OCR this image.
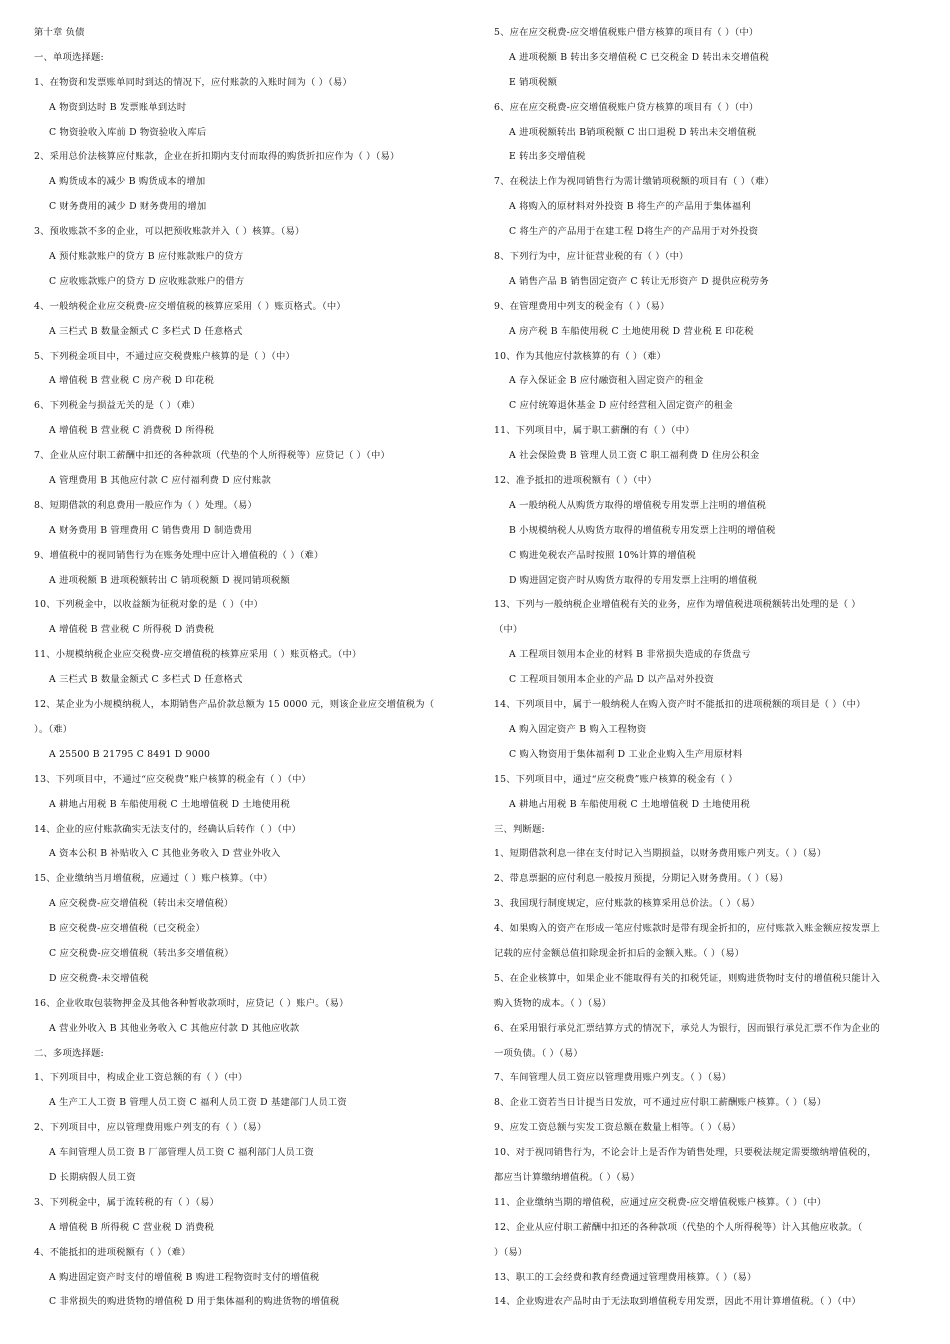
第十章 负债
一、单项选择题:
1、在物资和发票账单同时到达的情况下，应付账款的入账时间为（ ）（易）
A 物资到达时 B 发票账单到达时
C 物资验收入库前 D 物资验收入库后
2、采用总价法核算应付账款，企业在折扣期内支付而取得的购货折扣应作为（ ）（易）
A 购货成本的减少 B 购货成本的增加
C 财务费用的减少 D 财务费用的增加
3、预收账款不多的企业，可以把预收账款并入（ ）核算。（易）
A 预付账款账户的贷方 B 应付账款账户的贷方
C 应收账款账户的贷方 D 应收账款账户的借方
4、一般纳税企业应交税费-应交增值税的核算应采用（ ）账页格式。（中）
A 三栏式 B 数量金额式 C 多栏式 D 任意格式
5、下列税金项目中，不通过应交税费账户核算的是（ ）（中）
A 增值税 B 营业税 C 房产税 D 印花税
6、下列税金与损益无关的是（ ）（难）
A 增值税 B 营业税 C 消费税 D 所得税
7、企业从应付职工薪酬中扣还的各种款项（代垫的个人所得税等）应贷记（ ）（中）
A 管理费用 B 其他应付款 C 应付福利费 D 应付账款
8、短期借款的利息费用一般应作为（ ）处理。（易）
A 财务费用 B 管理费用 C 销售费用 D 制造费用
9、增值税中的视同销售行为在账务处理中应计入增值税的（ ）（难）
A 进项税额 B 进项税额转出 C 销项税额 D 视同销项税额
10、下列税金中，以收益额为征税对象的是（ ）（中）
A 增值税 B 营业税 C 所得税 D 消费税
11、小规模纳税企业应交税费-应交增值税的核算应采用（ ）账页格式。（中）
A 三栏式 B 数量金额式 C 多栏式 D 任意格式
12、某企业为小规模纳税人，本期销售产品价款总额为 15 0000 元，则该企业应交增值税为（
）。（难）
A 25500 B 21795 C 8491 D 9000
13、下列项目中，不通过“应交税费”账户核算的税金有（ ）（中）
A 耕地占用税 B 车船使用税 C 土地增值税 D 土地使用税
14、企业的应付账款确实无法支付的，经确认后转作（ ）（中）
A 资本公积 B 补贴收入 C 其他业务收入 D 营业外收入
15、企业缴纳当月增值税，应通过（ ）账户核算。（中）
A 应交税费-应交增值税（转出未交增值税）
B 应交税费-应交增值税（已交税金）
C 应交税费-应交增值税（转出多交增值税）
D 应交税费-未交增值税
16、企业收取包装物押金及其他各种暂收款项时，应贷记（ ）账户。（易）
A 营业外收入 B 其他业务收入 C 其他应付款 D 其他应收款
二、多项选择题:
1、下列项目中，构成企业工资总额的有（ ）（中）
A 生产工人工资 B 管理人员工资 C 福利人员工资 D 基建部门人员工资
2、下列项目中，应以管理费用账户列支的有（ ）（易）
A 车间管理人员工资 B 厂部管理人员工资 C 福利部门人员工资
D 长期病假人员工资
3、下列税金中，属于流转税的有（ ）（易）
A 增值税 B 所得税 C 营业税 D 消费税
4、不能抵扣的进项税额有（ ）（难）
A 购进固定资产时支付的增值税 B 购进工程物资时支付的增值税
C 非常损失的购进货物的增值税 D 用于集体福利的购进货物的增值税
5、应在应交税费-应交增值税账户借方核算的项目有（ ）（中）
A 进项税额 B 转出多交增值税 C 已交税金 D 转出未交增值税
E 销项税额
6、应在应交税费-应交增值税账户贷方核算的项目有（ ）（中）
A 进项税额转出 B销项税额 C 出口退税 D 转出未交增值税
E 转出多交增值税
7、在税法上作为视同销售行为需计缴销项税额的项目有（ ）（难）
A 将购入的原材料对外投资 B 将生产的产品用于集体福利
C 将生产的产品用于在建工程 D将生产的产品用于对外投资
8、下列行为中，应计征营业税的有（ ）（中）
A 销售产品 B 销售固定资产 C 转让无形资产 D 提供应税劳务
9、在管理费用中列支的税金有（ ）（易）
A 房产税 B 车船使用税 C 土地使用税 D 营业税 E 印花税
10、作为其他应付款核算的有（ ）（难）
A 存入保证金 B 应付融资租入固定资产的租金
C 应付统筹退休基金 D 应付经营租入固定资产的租金
11、下列项目中，属于职工薪酬的有（ ）（中）
A 社会保险费 B 管理人员工资 C 职工福利费 D 住房公积金
12、准予抵扣的进项税额有（ ）（中）
A 一般纳税人从购货方取得的增值税专用发票上注明的增值税
B 小规模纳税人从购货方取得的增值税专用发票上注明的增值税
C 购进免税农产品时按照 10%计算的增值税
D 购进固定资产时从购货方取得的专用发票上注明的增值税
13、下列与一般纳税企业增值税有关的业务，应作为增值税进项税额转出处理的是（ ）
（中）
A 工程项目领用本企业的材料 B 非常损失造成的存货盘亏
C 工程项目领用本企业的产品 D 以产品对外投资
14、下列项目中，属于一般纳税人在购入资产时不能抵扣的进项税额的项目是（ ）（中）
A 购入固定资产 B 购入工程物资
C 购入物资用于集体福利 D 工业企业购入生产用原材料
15、下列项目中，通过“应交税费”账户核算的税金有（ ）
A 耕地占用税 B 车船使用税 C 土地增值税 D 土地使用税
三、判断题:
1、短期借款利息一律在支付时记入当期损益，以财务费用账户列支。（ ）（易）
2、带息票据的应付利息一般按月预提，分期记入财务费用。（ ）（易）
3、我国现行制度规定，应付账款的核算采用总价法。（ ）（易）
4、如果购入的资产在形成一笔应付账款时是带有现金折扣的，应付账款入账金额应按发票上
记载的应付金额总值扣除现金折扣后的金额入账。（ ）（易）
5、在企业核算中，如果企业不能取得有关的扣税凭证，则购进货物时支付的增值税只能计入
购入货物的成本。（ ）（易）
6、在采用银行承兑汇票结算方式的情况下，承兑人为银行，因而银行承兑汇票不作为企业的
一项负债。（ ）（易）
7、车间管理人员工资应以管理费用账户列支。（ ）（易）
8、企业工资若当日计提当日发放，可不通过应付职工薪酬账户核算。（ ）（易）
9、应发工资总额与实发工资总额在数量上相等。（ ）（易）
10、对于视同销售行为，不论会计上是否作为销售处理，只要税法规定需要缴纳增值税的，
都应当计算缴纳增值税。（ ）（易）
11、企业缴纳当期的增值税，应通过应交税费-应交增值税账户核算。（ ）（中）
12、企业从应付职工薪酬中扣还的各种款项（代垫的个人所得税等）计入其他应收款。（
）（易）
13、职工的工会经费和教育经费通过管理费用核算。（ ）（易）
14、企业购进农产品时由于无法取到增值税专用发票，因此不用计算增值税。（ ）（中）
